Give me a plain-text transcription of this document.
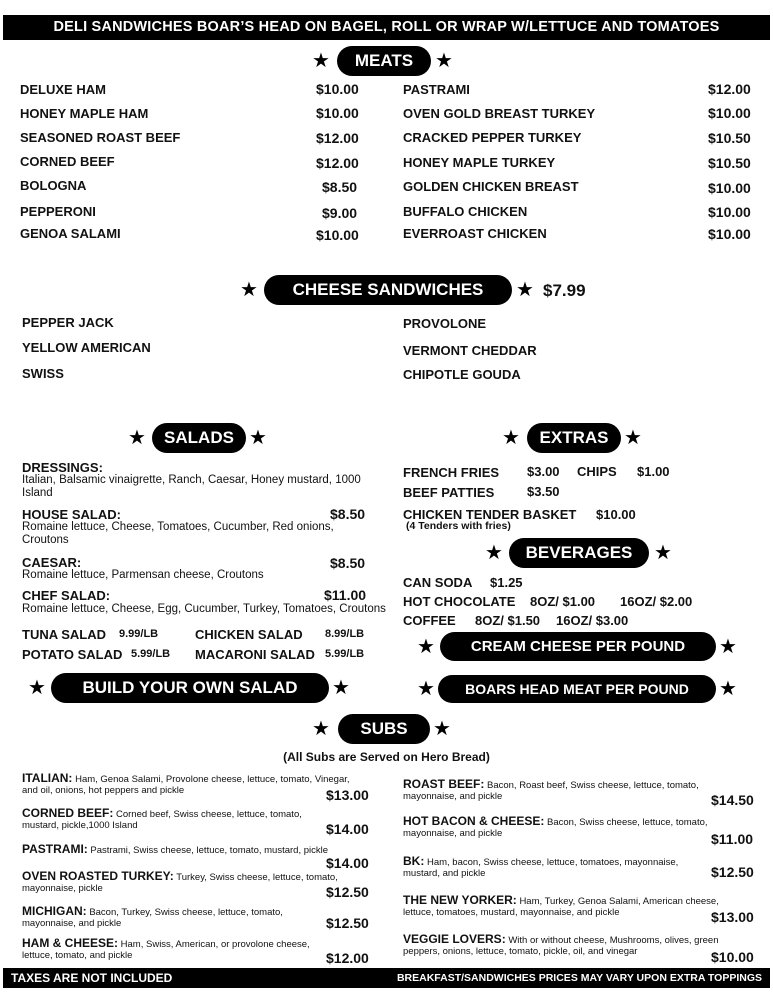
DELI SANDWICHES BOAR’S HEAD ON BAGEL, ROLL OR WRAP W/LETTUCE AND TOMATOES
★	MEATS	★
DELUXE HAM	$10.00
HONEY MAPLE HAM	$10.00
SEASONED ROAST BEEF	$12.00
CORNED BEEF	$12.00
BOLOGNA	$8.50
PEPPERONI	$9.00
GENOA SALAMI	$10.00
PASTRAMI	$12.00
OVEN GOLD BREAST TURKEY	$10.00
CRACKED PEPPER TURKEY	$10.50
HONEY MAPLE TURKEY	$10.50
GOLDEN CHICKEN BREAST	$10.00
BUFFALO CHICKEN	$10.00
EVERROAST CHICKEN	$10.00
★	CHEESE SANDWICHES	★ $7.99
PEPPER JACK
YELLOW AMERICAN
SWISS
PROVOLONE
VERMONT CHEDDAR
CHIPOTLE GOUDA
★	SALADS ★
DRESSINGS:
Italian, Balsamic vinaigrette, Ranch, Caesar, Honey mustard, 1000 Island
HOUSE SALAD:	$8.50
Romaine lettuce, Cheese, Tomatoes, Cucumber, Red onions, Croutons
CAESAR:	$8.50
Romaine lettuce, Parmensan cheese, Croutons
CHEF SALAD:	$11.00
Romaine lettuce, Cheese, Egg, Cucumber, Turkey, Tomatoes, Croutons
TUNA SALAD 9.99/LB	CHICKEN SALAD 8.99/LB
POTATO SALAD 5.99/LB MACARONI SALAD 5.99/LB
★	BUILD YOUR OWN SALAD	★
★	EXTRAS ★
FRENCH FRIES $3.00 CHIPS $1.00
BEEF PATTIES	$3.50
CHICKEN TENDER BASKET $10.00
(4 Tenders with fries)
★	BEVERAGES	★
CAN SODA $1.25
HOT CHOCOLATE 8OZ/ $1.00 16OZ/ $2.00
COFFEE 8OZ/ $1.50 16OZ/ $3.00
★	CREAM CHEESE PER POUND	★
★	BOARS HEAD MEAT PER POUND	★
★	SUBS	★
(All Subs are Served on Hero Bread)
ITALIAN: Ham, Genoa Salami, Provolone cheese, lettuce, tomato, Vinegar, and oil, onions, hot peppers and pickle	$13.00
CORNED BEEF: Corned beef, Swiss cheese, lettuce, tomato, mustard, pickle,1000 Island	$14.00
PASTRAMI: Pastrami, Swiss cheese, lettuce, tomato, mustard, pickle
$14.00
OVEN ROASTED TURKEY: Turkey, Swiss cheese, lettuce, tomato, mayonnaise, pickle	$12.50
MICHIGAN: Bacon, Turkey, Swiss cheese, lettuce, tomato, mayonnaise, and pickle	$12.50
HAM & CHEESE: Ham, Swiss, American, or provolone cheese, lettuce, tomato, and pickle	$12.00
ROAST BEEF: Bacon, Roast beef, Swiss cheese, lettuce, tomato, mayonnaise, and pickle	$14.50
HOT BACON & CHEESE: Bacon, Swiss cheese, lettuce, tomato, mayonnaise, and pickle	$11.00
BK: Ham, bacon, Swiss cheese, lettuce, tomatoes, mayonnaise, mustard, and pickle	$12.50
THE NEW YORKER: Ham, Turkey, Genoa Salami, American cheese, lettuce, tomatoes, mustard, mayonnaise, and pickle	$13.00
VEGGIE LOVERS: With or without cheese, Mushrooms, olives, green peppers, onions, lettuce, tomato, pickle, oil, and vinegar	$10.00
TAXES ARE NOT INCLUDED	BREAKFAST/SANDWICHES PRICES MAY VARY UPON EXTRA TOPPINGS
